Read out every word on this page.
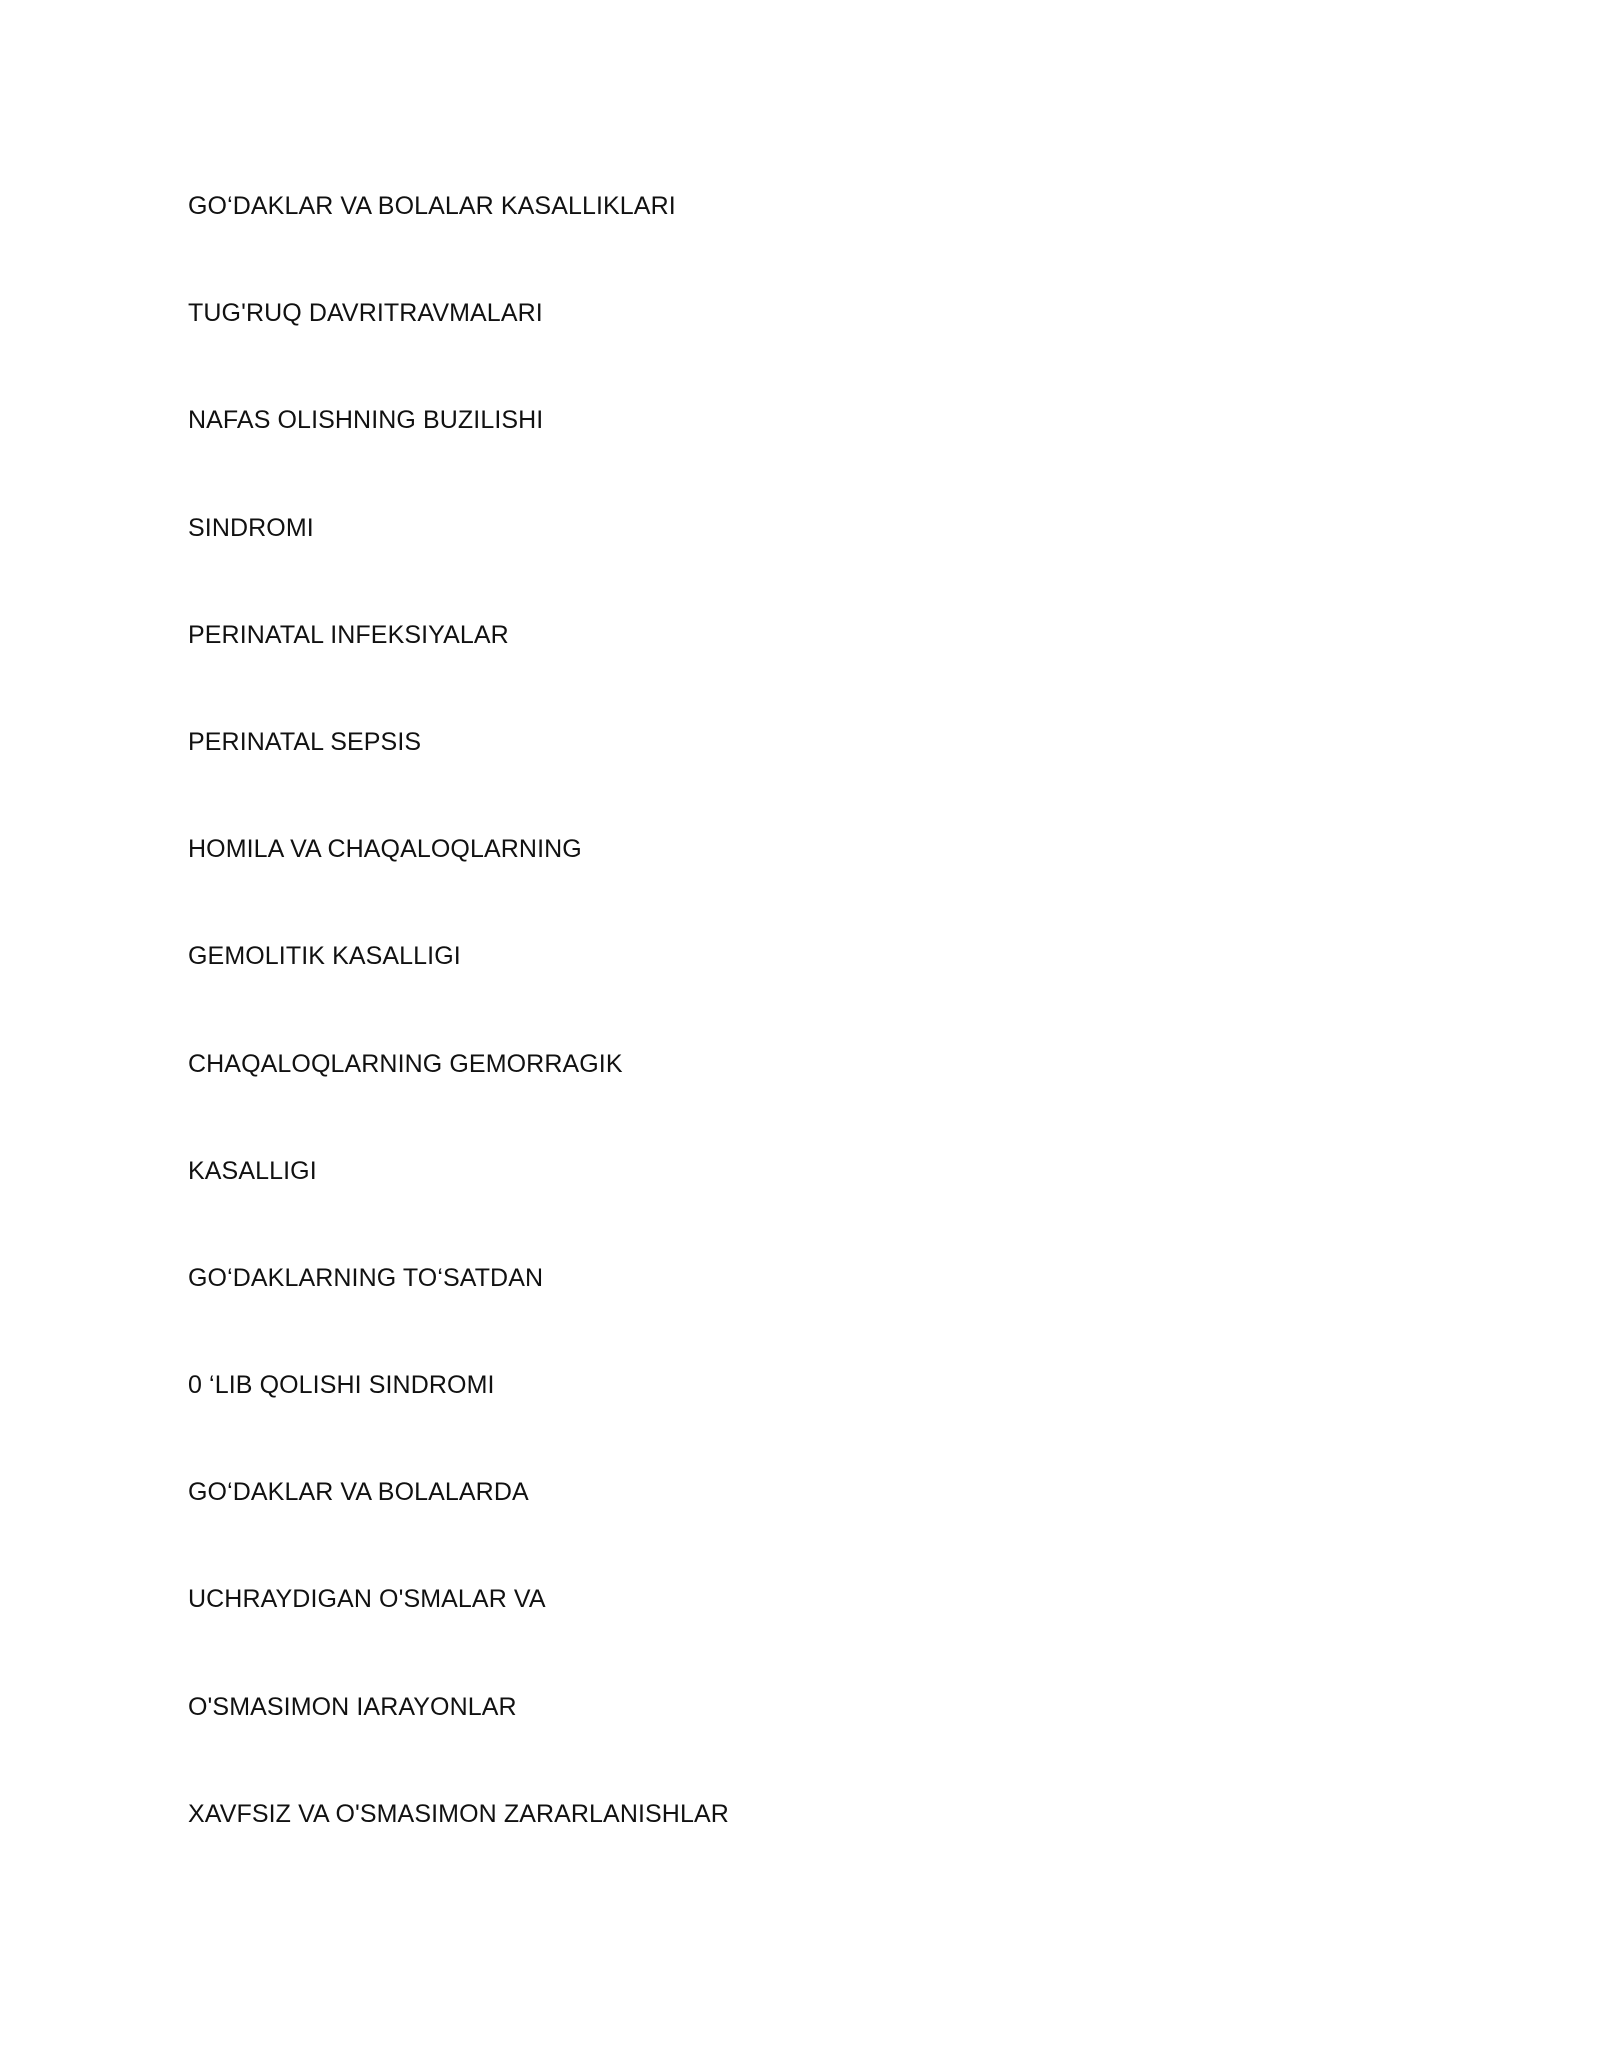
GO‘DAKLAR VA BOLALAR KASALLIKLARI
TUG'RUQ DAVRITRAVMALARI
NAFAS OLISHNING BUZILISHI
SINDROMI
PERINATAL INFEKSIYALAR
PERINATAL SEPSIS
HOMILA VA CHAQALOQLARNING
GEMOLITIK KASALLIGI
CHAQALOQLARNING GEMORRAGIK
KASALLIGI
GO‘DAKLARNING TO‘SATDAN
0 ‘LIB QOLISHI SINDROMI
GO‘DAKLAR VA BOLALARDA
UCHRAYDIGAN O'SMALAR VA
O'SMASIMON IARAYONLAR
XAVFSIZ VA O'SMASIMON ZARARLANISHLAR
